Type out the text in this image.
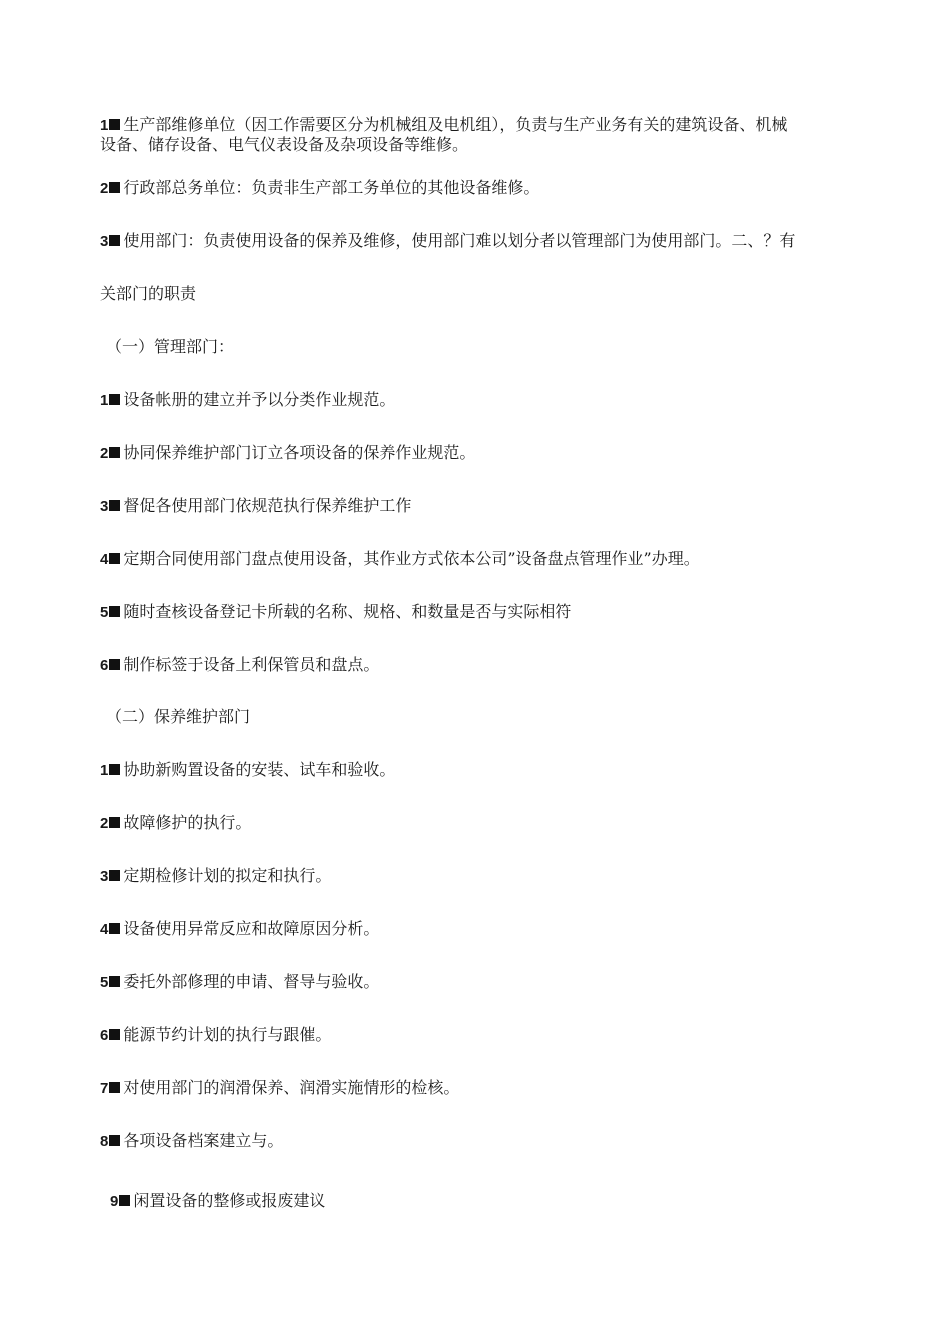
1 生产部维修单位（因工作需要区分为机械组及电机组），负责与生产业务有关的建筑设备、机械
设备、储存设备、电气仪表设备及杂项设备等维修。
2 行政部总务单位：负责非生产部工务单位的其他设备维修。
3 使用部门：负责使用设备的保养及维修，使用部门难以划分者以管理部门为使用部门。二、？有
关部门的职责
（一）管理部门：
1 设备帐册的建立并予以分类作业规范。
2 协同保养维护部门订立各项设备的保养作业规范。
3 督促各使用部门依规范执行保养维护工作
4 定期合同使用部门盘点使用设备，其作业方式依本公司”设备盘点管理作业”办理。
5 随时查核设备登记卡所载的名称、规格、和数量是否与实际相符
6 制作标签于设备上利保管员和盘点。
（二）保养维护部门
1 协助新购置设备的安装、试车和验收。
2 故障修护的执行。
3 定期检修计划的拟定和执行。
4 设备使用异常反应和故障原因分析。
5 委托外部修理的申请、督导与验收。
6 能源节约计划的执行与跟催。
7 对使用部门的润滑保养、润滑实施情形的检核。
8 各项设备档案建立与。
9 闲置设备的整修或报废建议
